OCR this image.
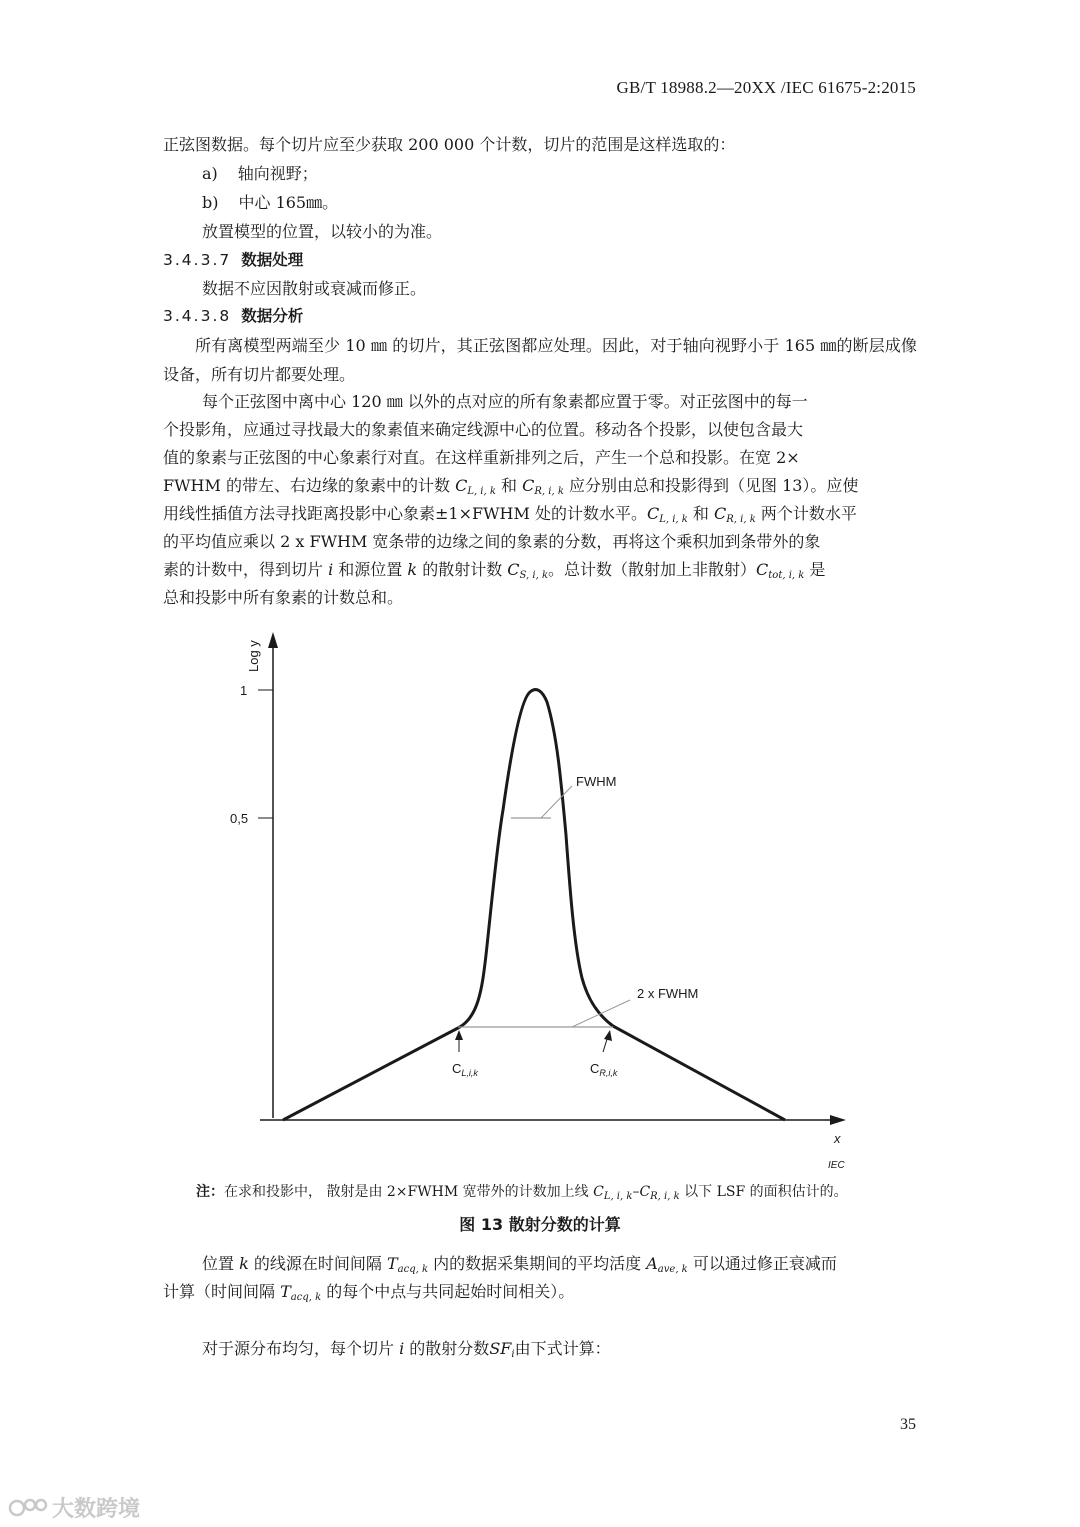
GB/T 18988.2—20XX /IEC 61675-2:2015
正弦图数据。每个切片应至少获取 200 000 个计数，切片的范围是这样选取的：
a) 轴向视野；
b) 中心 165㎜。
放置模型的位置，以较小的为准。
3.4.3.7 数据处理
数据不应因散射或衰减而修正。
3.4.3.8 数据分析
所有离模型两端至少 10 ㎜ 的切片，其正弦图都应处理。因此，对于轴向视野小于 165 ㎜的断层成像设备，所有切片都要处理。
每个正弦图中离中心 120 ㎜ 以外的点对应的所有象素都应置于零。对正弦图中的每一
个投影角，应通过寻找最大的象素值来确定线源中心的位置。移动各个投影，以使包含最大
值的象素与正弦图的中心象素行对直。在这样重新排列之后，产生一个总和投影。在宽 2×
FWHM 的带左、右边缘的象素中的计数 $C_{L, i, k}$ 和 $C_{R, i, k}$ 应分别由总和投影得到（见图 13）。应使
用线性插值方法寻找距离投影中心象素±1×FWHM 处的计数水平。$C_{L, i, k}$ 和 $C_{R, i, k}$ 两个计数水平
的平均值应乘以 2 x FWHM 宽条带的边缘之间的象素的分数，再将这个乘积加到条带外的象
素的计数中，得到切片 i 和源位置 k 的散射计数 $C_{S, i, k}$。总计数（散射加上非散射）$C_{tot, i, k}$ 是
总和投影中所有象素的计数总和。
Log y
1
0,5
x
IEC
FWHM
2 x FWHM
$C_{L,i,k}$	$C_{R,i,k}$
注：在求和投影中， 散射是由 2×FWHM 宽带外的计数加上线 $C_{L, i, k}-C_{R, i, k}$ 以下 LSF 的面积估计的。
图 13 散射分数的计算
位置 k 的线源在时间间隔 $T_{acq, k}$ 内的数据采集期间的平均活度 $A_{ave, k}$ 可以通过修正衰减而
计算（时间间隔 $T_{acq, k}$ 的每个中点与共同起始时间相关）。
对于源分布均匀，每个切片 i 的散射分数$SF_i$由下式计算：
35
大数跨境
